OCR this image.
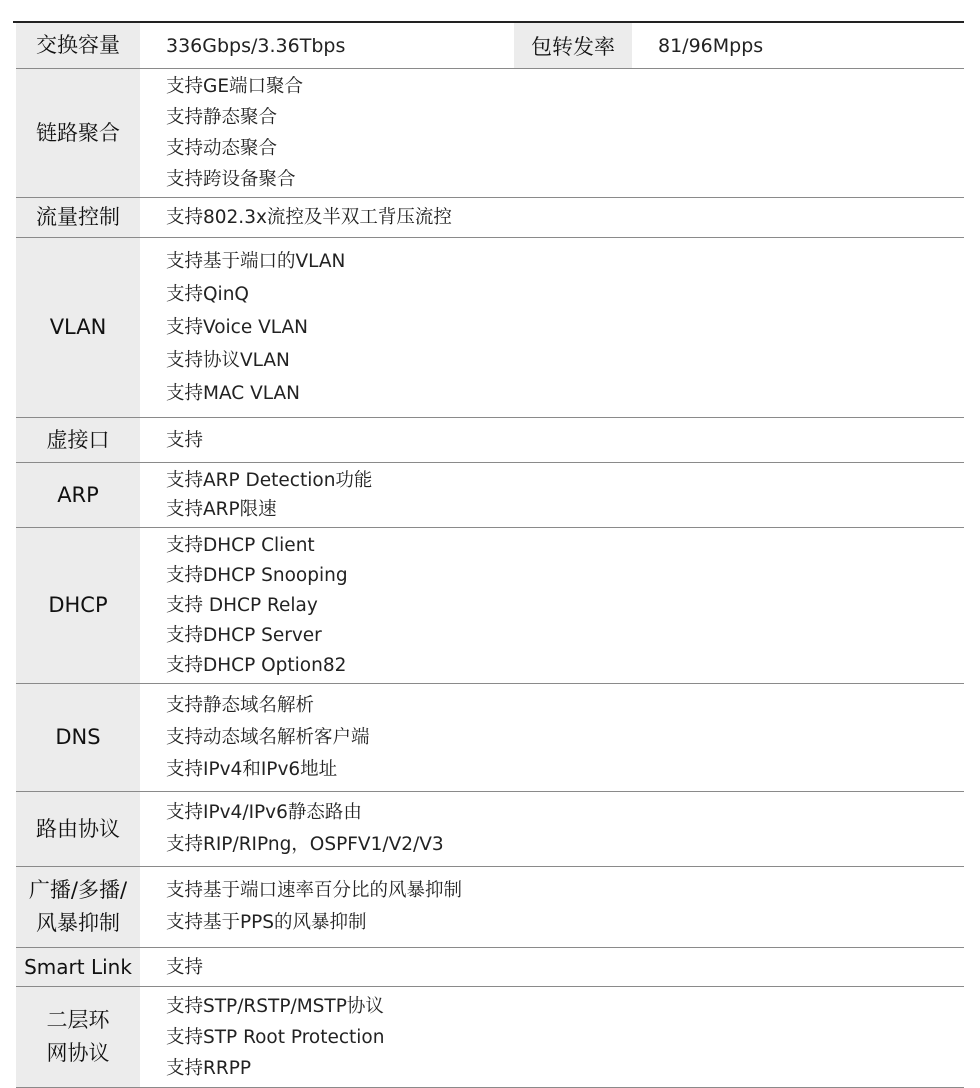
交换容量	336Gbps/3.36Tbps	包转发率	81/96Mpps
链路聚合	支持GE端口聚合
支持静态聚合
支持动态聚合
支持跨设备聚合		

流量控制	支持802.3x流控及半双工背压流控		

VLAN	支持基于端口的VLAN
支持QinQ
支持Voice VLAN
支持协议VLAN
支持MAC VLAN		

虚接口	支持		

ARP	支持ARP Detection功能
支持ARP限速		

DHCP	支持DHCP Client
支持DHCP Snooping
支持 DHCP Relay
支持DHCP Server
支持DHCP Option82		

DNS	支持静态域名解析
支持动态域名解析客户端
支持IPv4和IPv6地址		

路由协议	支持IPv4/IPv6静态路由
支持RIP/RIPng，OSPFV1/V2/V3		

广播/多播/
风暴抑制	支持基于端口速率百分比的风暴抑制
支持基于PPS的风暴抑制		

Smart Link	支持		

二层环
网协议	支持STP/RSTP/MSTP协议
支持STP Root Protection
支持RRPP		
